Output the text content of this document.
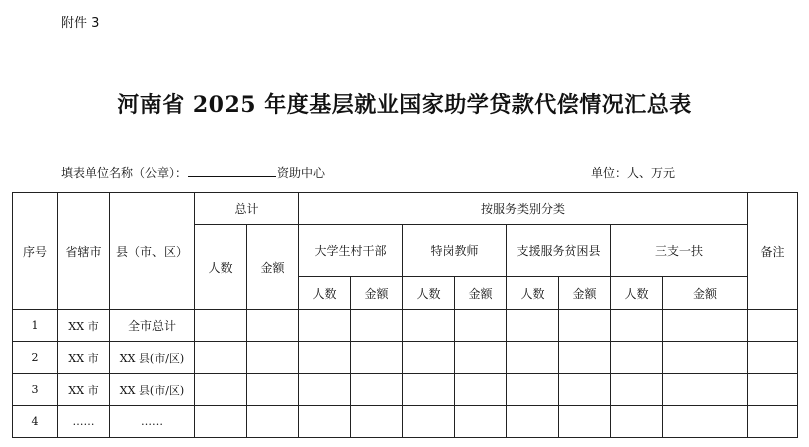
附件 3
河南省 2025 年度基层就业国家助学贷款代偿情况汇总表
填表单位名称（公章）：	资助中心	单位：人、万元
序号	省辖市	县（市、区）	总计		按服务类别分类								备注
			人数	金额	大学生村干部		特岗教师		支援服务贫困县		三支一扶		
					人数	金额	人数	金额	人数	金额	人数	金额	
1	XX 市	全市总计											
2	XX 市	XX 县(市/区)											
3	XX 市	XX 县(市/区)											
4	……	……											
